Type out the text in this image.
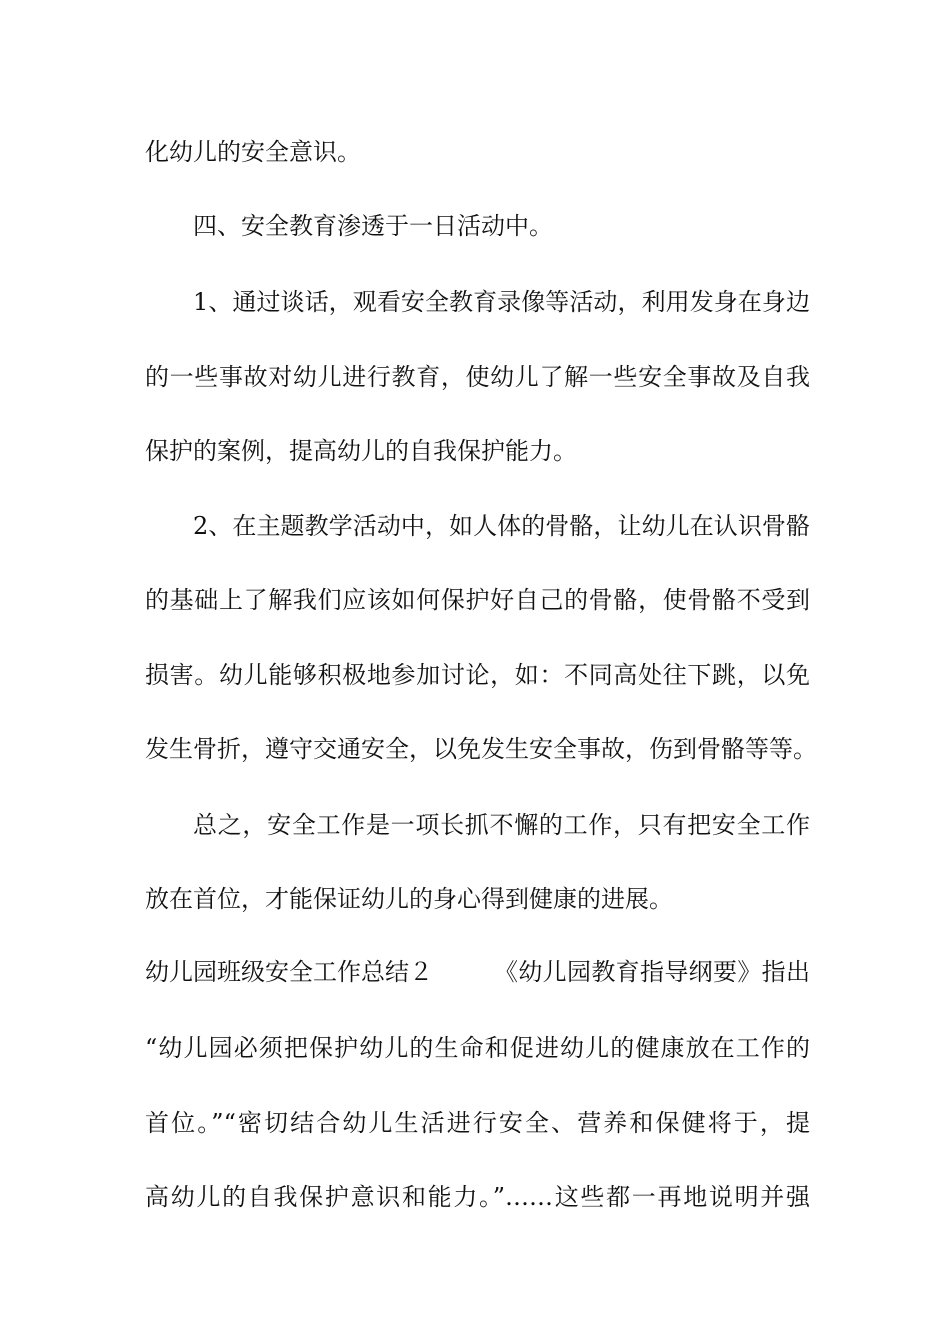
化幼儿的安全意识。
四、安全教育渗透于一日活动中。
1、通过谈话，观看安全教育录像等活动，利用发身在身边
的一些事故对幼儿进行教育，使幼儿了解一些安全事故及自我
保护的案例，提高幼儿的自我保护能力。
2、在主题教学活动中，如人体的骨骼，让幼儿在认识骨骼
的基础上了解我们应该如何保护好自己的骨骼，使骨骼不受到
损害。幼儿能够积极地参加讨论，如：不同高处往下跳，以免
发生骨折，遵守交通安全，以免发生安全事故，伤到骨骼等等。
总之，安全工作是一项长抓不懈的工作，只有把安全工作
放在首位，才能保证幼儿的身心得到健康的进展。
幼儿园班级安全工作总结２	《幼儿园教育指导纲要》指出
“幼儿园必须把保护幼儿的生命和促进幼儿的健康放在工作的
首位。”“密切结合幼儿生活进行安全、营养和保健将于，提
高幼儿的自我保护意识和能力。”……这些都一再地说明并强
